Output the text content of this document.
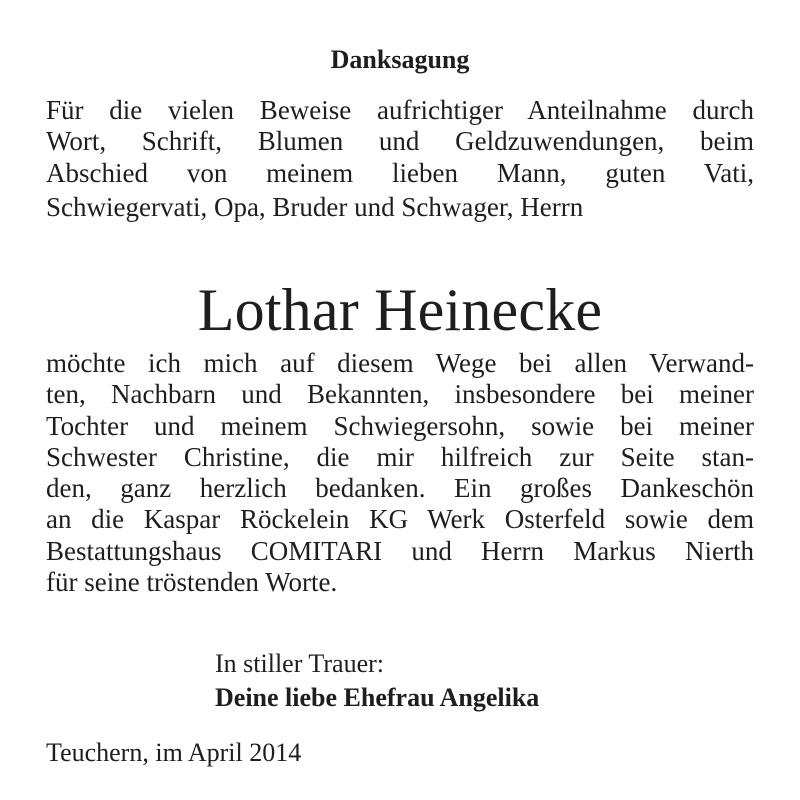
Danksagung
Für die vielen Beweise aufrichtiger Anteilnahme durch
Wort, Schrift, Blumen und Geldzuwendungen, beim
Abschied von meinem lieben Mann, guten Vati,
Schwiegervati, Opa, Bruder und Schwager, Herrn
Lothar Heinecke
möchte ich mich auf diesem Wege bei allen Verwand-
ten, Nachbarn und Bekannten, insbesondere bei meiner
Tochter und meinem Schwiegersohn, sowie bei meiner
Schwester Christine, die mir hilfreich zur Seite stan-
den, ganz herzlich bedanken. Ein großes Dankeschön
an die Kaspar Röckelein KG Werk Osterfeld sowie dem
Bestattungshaus COMITARI und Herrn Markus Nierth
für seine tröstenden Worte.
In stiller Trauer:
Deine liebe Ehefrau Angelika
Teuchern, im April 2014
